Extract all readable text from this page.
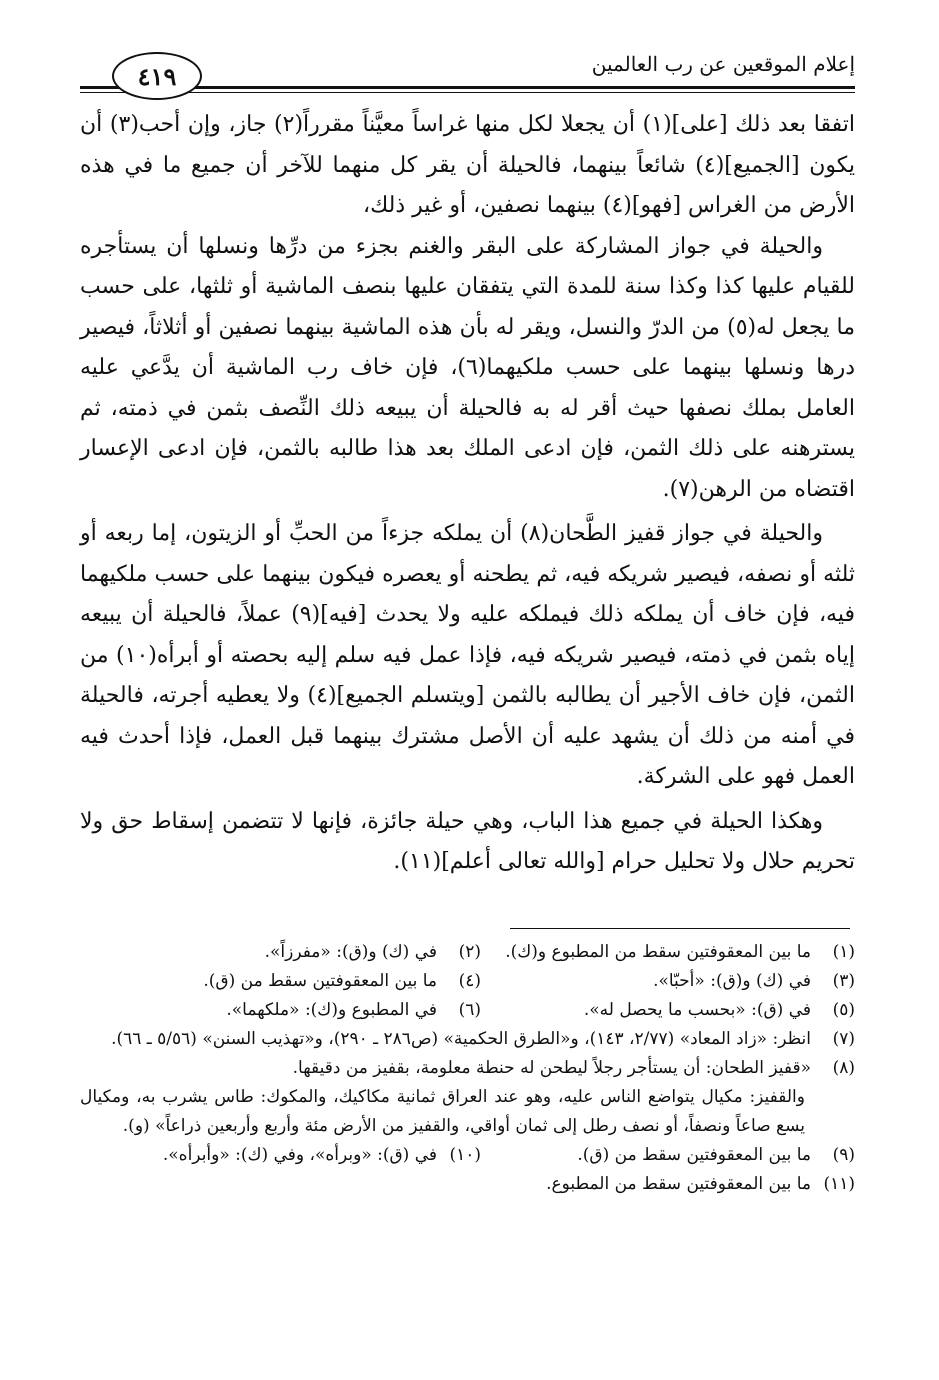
٤١٩	إعلام الموقعين عن رب العالمين

اتفقا بعد ذلك [على](١) أن يجعلا لكل منها غراساً معيَّناً مقرراً(٢) جاز، وإن أحب(٣) أن يكون [الجميع](٤) شائعاً بينهما، فالحيلة أن يقر كل منهما للآخر أن جميع ما في هذه الأرض من الغراس [فهو](٤) بينهما نصفين، أو غير ذلك،

والحيلة في جواز المشاركة على البقر والغنم بجزء من درِّها ونسلها أن يستأجره للقيام عليها كذا وكذا سنة للمدة التي يتفقان عليها بنصف الماشية أو ثلثها، على حسب ما يجعل له(٥) من الدرّ والنسل، ويقر له بأن هذه الماشية بينهما نصفين أو أثلاثاً، فيصير درها ونسلها بينهما على حسب ملكيهما(٦)، فإن خاف رب الماشية أن يدَّعي عليه العامل بملك نصفها حيث أقر له به فالحيلة أن يبيعه ذلك النِّصف بثمن في ذمته، ثم يسترهنه على ذلك الثمن، فإن ادعى الملك بعد هذا طالبه بالثمن، فإن ادعى الإعسار اقتضاه من الرهن(٧).

والحيلة في جواز قفيز الطَّحان(٨) أن يملكه جزءاً من الحبِّ أو الزيتون، إما ربعه أو ثلثه أو نصفه، فيصير شريكه فيه، ثم يطحنه أو يعصره فيكون بينهما على حسب ملكيهما فيه، فإن خاف أن يملكه ذلك فيملكه عليه ولا يحدث [فيه](٩) عملاً، فالحيلة أن يبيعه إياه بثمن في ذمته، فيصير شريكه فيه، فإذا عمل فيه سلم إليه بحصته أو أبرأه(١٠) من الثمن، فإن خاف الأجير أن يطالبه بالثمن [ويتسلم الجميع](٤) ولا يعطيه أجرته، فالحيلة في أمنه من ذلك أن يشهد عليه أن الأصل مشترك بينهما قبل العمل، فإذا أحدث فيه العمل فهو على الشركة.

وهكذا الحيلة في جميع هذا الباب، وهي حيلة جائزة، فإنها لا تتضمن إسقاط حق ولا تحريم حلال ولا تحليل حرام [والله تعالى أعلم](١١).

(١)
ما بين المعقوفتين سقط من المطبوع و(ك).
(٢)
في (ك) و(ق): «مفرزاً».
(٣)
في (ك) و(ق): «أحبّا».
(٤)
ما بين المعقوفتين سقط من (ق).
(٥)
في (ق): «بحسب ما يحصل له».
(٦)
في المطبوع و(ك): «ملكهما».
(٧)
انظر: «زاد المعاد» (٢/٧٧، ١٤٣)، و«الطرق الحكمية» (ص٢٨٦ ـ ٢٩٠)، و«تهذيب السنن» (٥/٥٦ ـ ٦٦).
(٨)
«قفيز الطحان: أن يستأجر رجلاً ليطحن له حنطة معلومة، بقفيز من دقيقها.
والقفيز: مكيال يتواضع الناس عليه، وهو عند العراق ثمانية مكاكيك، والمكوك: طاس يشرب به، ومكيال يسع صاعاً ونصفاً، أو نصف رطل إلى ثمان أواقي، والقفيز من الأرض مئة وأربع وأربعين ذراعاً» (و).
(٩)
ما بين المعقوفتين سقط من (ق).
(١٠)
في (ق): «وبرأه»، وفي (ك): «وأبرأه».
(١١)
ما بين المعقوفتين سقط من المطبوع.
